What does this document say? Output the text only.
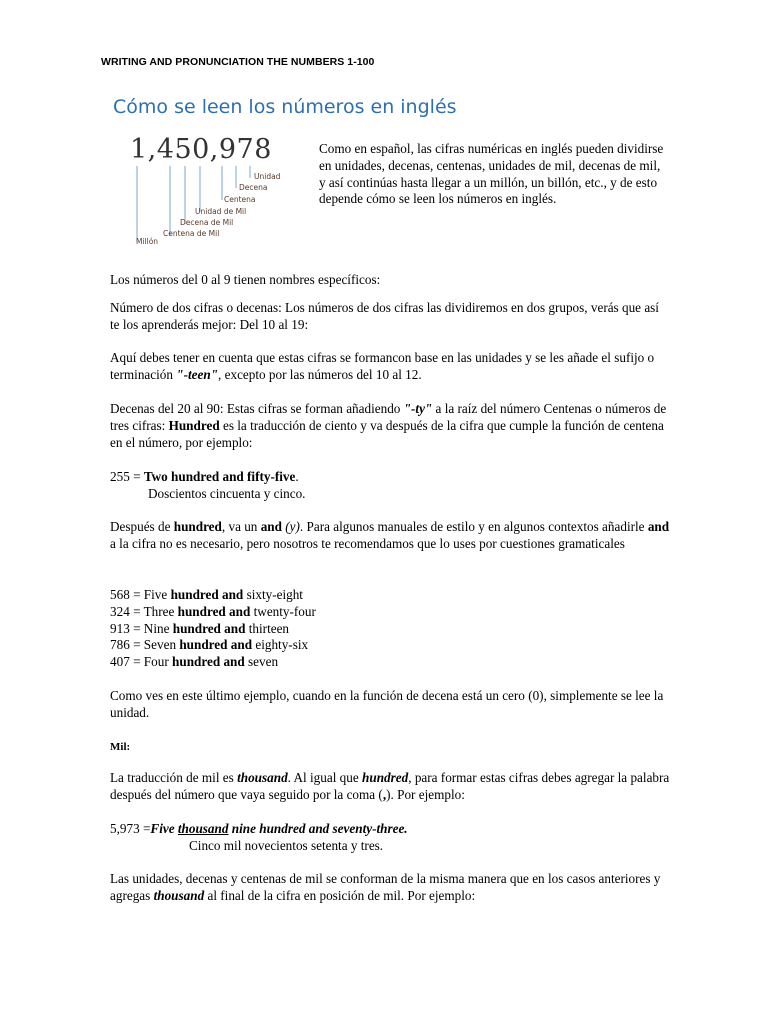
WRITING AND PRONUNCIATION THE NUMBERS 1-100
Cómo se leen los números en inglés
1,450,978
Unidad
Decena
Centena
Unidad de Mil
Decena de Mil
Centena de Mil
Millón
Como en español, las cifras numéricas en inglés pueden dividirse en unidades, decenas, centenas, unidades de mil, decenas de mil, y así continúas hasta llegar a un millón, un billón, etc., y de esto depende cómo se leen los números en inglés.

Los números del 0 al 9 tienen nombres específicos:

Número de dos cifras o decenas: Los números de dos cifras las dividiremos en dos grupos, verás que así te los aprenderás mejor: Del 10 al 19:

Aquí debes tener en cuenta que estas cifras se formancon base en las unidades y se les añade el sufijo o terminación "-teen", excepto por las números del 10 al 12.

Decenas del 20 al 90: Estas cifras se forman añadiendo "-ty" a la raíz del número Centenas o números de tres cifras: Hundred es la traducción de ciento y va después de la cifra que cumple la función de centena en el número, por ejemplo:

255 = Two hundred and fifty-five.

Doscientos cincuenta y cinco.

Después de hundred, va un and (y). Para algunos manuales de estilo y en algunos contextos añadirle and a la cifra no es necesario, pero nosotros te recomendamos que lo uses por cuestiones gramaticales

568 = Five hundred and sixty-eight

324 = Three hundred and twenty-four

913 = Nine hundred and thirteen

786 = Seven hundred and eighty-six

407 = Four hundred and seven

Como ves en este último ejemplo, cuando en la función de decena está un cero (0), simplemente se lee la unidad.

Mil:

La traducción de mil es thousand. Al igual que hundred, para formar estas cifras debes agregar la palabra después del número que vaya seguido por la coma (,). Por ejemplo:

5,973 =Five thousand nine hundred and seventy-three.

Cinco mil novecientos setenta y tres.

Las unidades, decenas y centenas de mil se conforman de la misma manera que en los casos anteriores y agregas thousand al final de la cifra en posición de mil. Por ejemplo:
